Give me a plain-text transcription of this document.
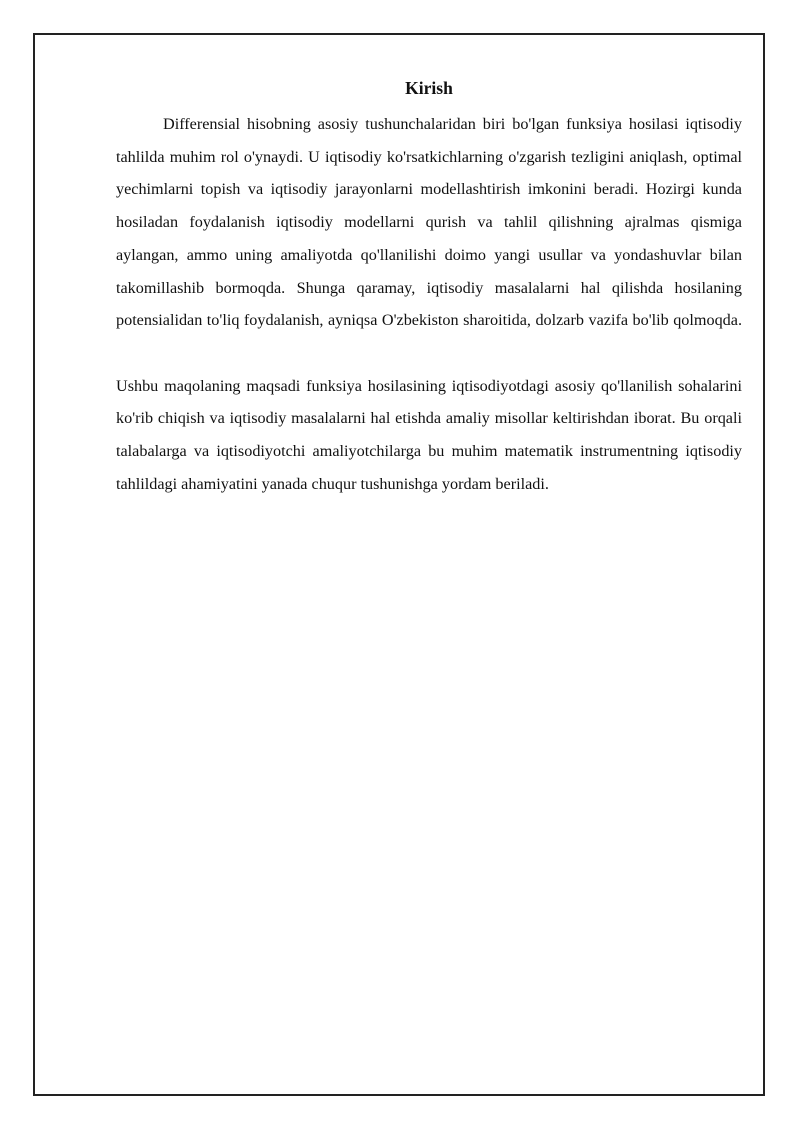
Kirish

Differensial hisobning asosiy tushunchalaridan biri bo'lgan funksiya hosilasi iqtisodiy tahlilda muhim rol o'ynaydi. U iqtisodiy ko'rsatkichlarning o'zgarish tezligini aniqlash, optimal yechimlarni topish va iqtisodiy jarayonlarni modellashtirish imkonini beradi. Hozirgi kunda hosiladan foydalanish iqtisodiy modellarni qurish va tahlil qilishning ajralmas qismiga aylangan, ammo uning amaliyotda qo'llanilishi doimo yangi usullar va yondashuvlar bilan takomillashib bormoqda. Shunga qaramay, iqtisodiy masalalarni hal qilishda hosilaning potensialidan to'liq foydalanish, ayniqsa O'zbekiston sharoitida, dolzarb vazifa bo'lib qolmoqda.

Ushbu maqolaning maqsadi funksiya hosilasining iqtisodiyotdagi asosiy qo'llanilish sohalarini ko'rib chiqish va iqtisodiy masalalarni hal etishda amaliy misollar keltirishdan iborat. Bu orqali talabalarga va iqtisodiyotchi amaliyotchilarga bu muhim matematik instrumentning iqtisodiy tahlildagi ahamiyatini yanada chuqur tushunishga yordam beriladi.
